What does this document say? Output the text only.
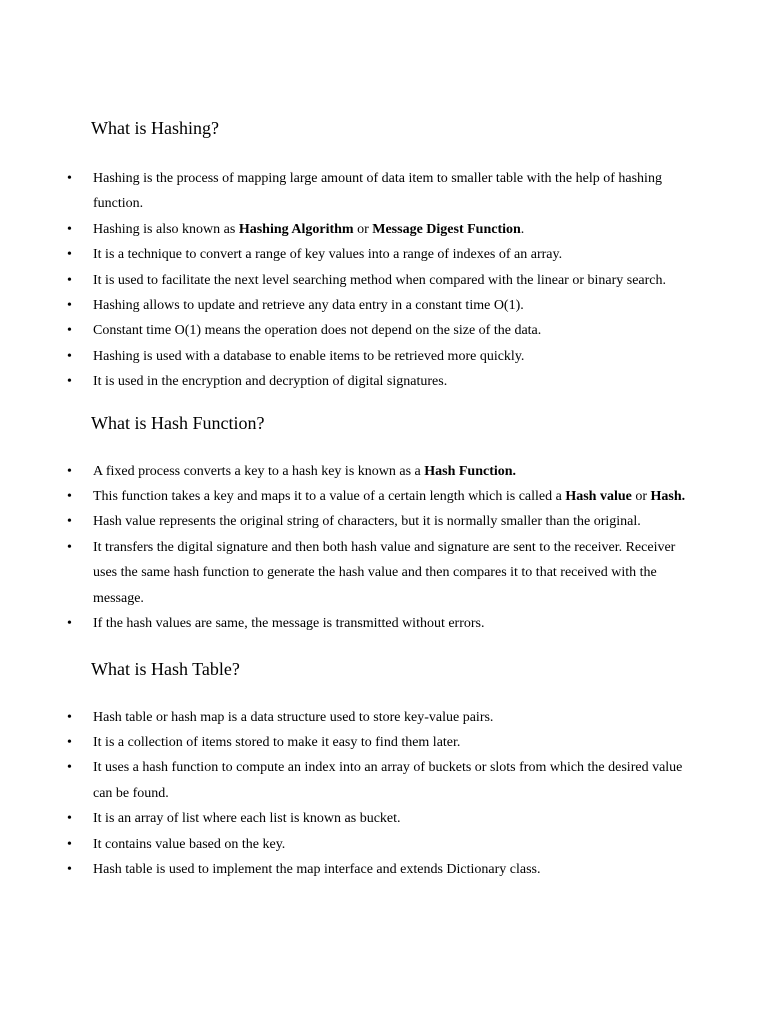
What is Hashing?
• Hashing is the process of mapping large amount of data item to smaller table with the help of hashing function.
• Hashing is also known as Hashing Algorithm or Message Digest Function.
• It is a technique to convert a range of key values into a range of indexes of an array.
• It is used to facilitate the next level searching method when compared with the linear or binary search.
• Hashing allows to update and retrieve any data entry in a constant time O(1).
• Constant time O(1) means the operation does not depend on the size of the data.
• Hashing is used with a database to enable items to be retrieved more quickly.
• It is used in the encryption and decryption of digital signatures.
What is Hash Function?
• A fixed process converts a key to a hash key is known as a Hash Function.
• This function takes a key and maps it to a value of a certain length which is called a Hash value or Hash.
• Hash value represents the original string of characters, but it is normally smaller than the original.
• It transfers the digital signature and then both hash value and signature are sent to the receiver. Receiver uses the same hash function to generate the hash value and then compares it to that received with the message.
• If the hash values are same, the message is transmitted without errors.
What is Hash Table?
• Hash table or hash map is a data structure used to store key-value pairs.
• It is a collection of items stored to make it easy to find them later.
• It uses a hash function to compute an index into an array of buckets or slots from which the desired value can be found.
• It is an array of list where each list is known as bucket.
• It contains value based on the key.
• Hash table is used to implement the map interface and extends Dictionary class.
